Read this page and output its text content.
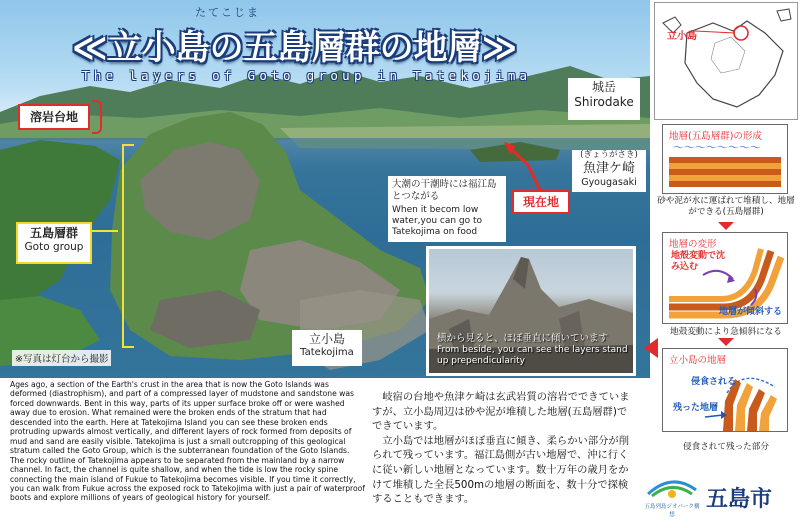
たてこじま
≪立小島の五島層群の地層≫
The layers of Goto group in Tatekojima
溶岩台地
城岳
Shirodake
(ぎょうがさき)
魚津ケ崎
Gyougasaki
五島層群
Goto group
現在地
大潮の干潮時には福江島とつながる
When it becom low water,you can go to Tatekojima on food
立小島
Tatekojima
※写真は灯台から撮影
横から見ると、ほぼ垂直に傾いています
From beside, you can see the layers stand up prependicularity

Ages ago, a section of the Earth's crust in the area that is now the Goto Islands was deformed (diastrophism), and part of a compressed layer of mudstone and sandstone was forced downwards. Bent in this way, parts of its upper surface broke off or were washed away due to erosion. What remained were the broken ends of the stratum that had descended into the earth. Here at Tatekojima Island you can see these broken ends protruding upwards almost vertically, and different layers of rock formed from deposits of mud and sand are easily visible. Tatekojima is just a small outcropping of this geological stratum called the Goto Group, which is the subterranean foundation of the Goto Islands.

The rocky outline of Tatekojima appears to be separated from the mainland by a narrow channel. In fact, the channel is quite shallow, and when the tide is low the rocky spine connecting the main island of Fukue to Tatekojima becomes visible. If you time it correctly, you can walk from Fukue across the exposed rock to Tatekojima with just a pair of waterproof boots and explore millions of years of geological history for yourself.

岐宿の台地や魚津ケ崎は玄武岩質の溶岩でできていますが、立小島周辺は砂や泥が堆積した地層(五島層群)でできています。

立小島では地層がほぼ垂直に傾き、柔らかい部分が削られて残っています。福江島側が古い地層で、沖に行くに従い新しい地層となっています。数十万年の歳月をかけて堆積した全長500mの地層の断面を、数十分で探検することもできます。

五島列島ジオパーク構想
五島市
立小島
地層(五島層群)の形成
～～～～～～～～
砂や泥が水に運ばれて堆積し、地層ができる(五島層群)
地層の変形
地殻変動で沈み込む
地層が傾斜する
地殻変動により急傾斜になる
立小島の地層
侵食される
残った地層
侵食されて残った部分
